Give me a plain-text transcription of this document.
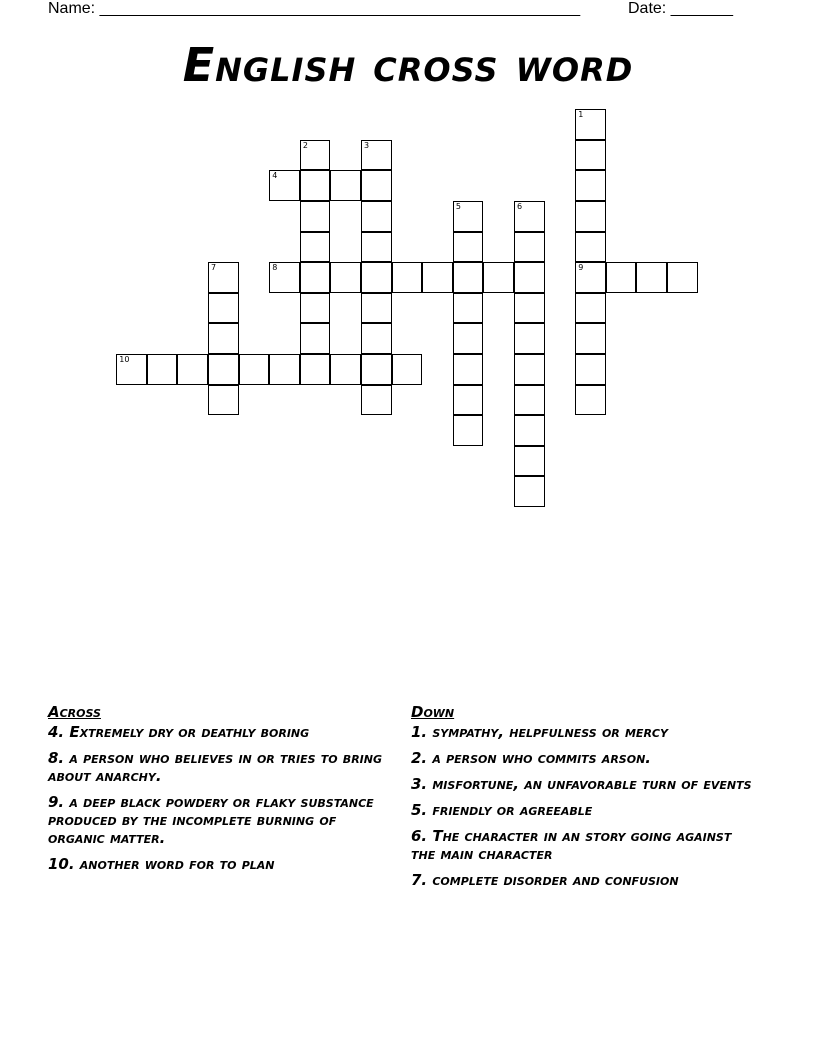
Name: ______________________________________________________	Date: _______
English cross word
1
2	3
4
5	6
7	8	9
10
Across
4. Extremely dry or deathly boring
8. a person who believes in or tries to bring about anarchy.
9. a deep black powdery or flaky substance produced by the incomplete burning of organic matter.
10. another word for to plan
Down
1. sympathy, helpfulness or mercy
2. a person who commits arson.
3. misfortune, an unfavorable turn of events
5. friendly or agreeable
6. The character in an story going against the main character
7. complete disorder and confusion
